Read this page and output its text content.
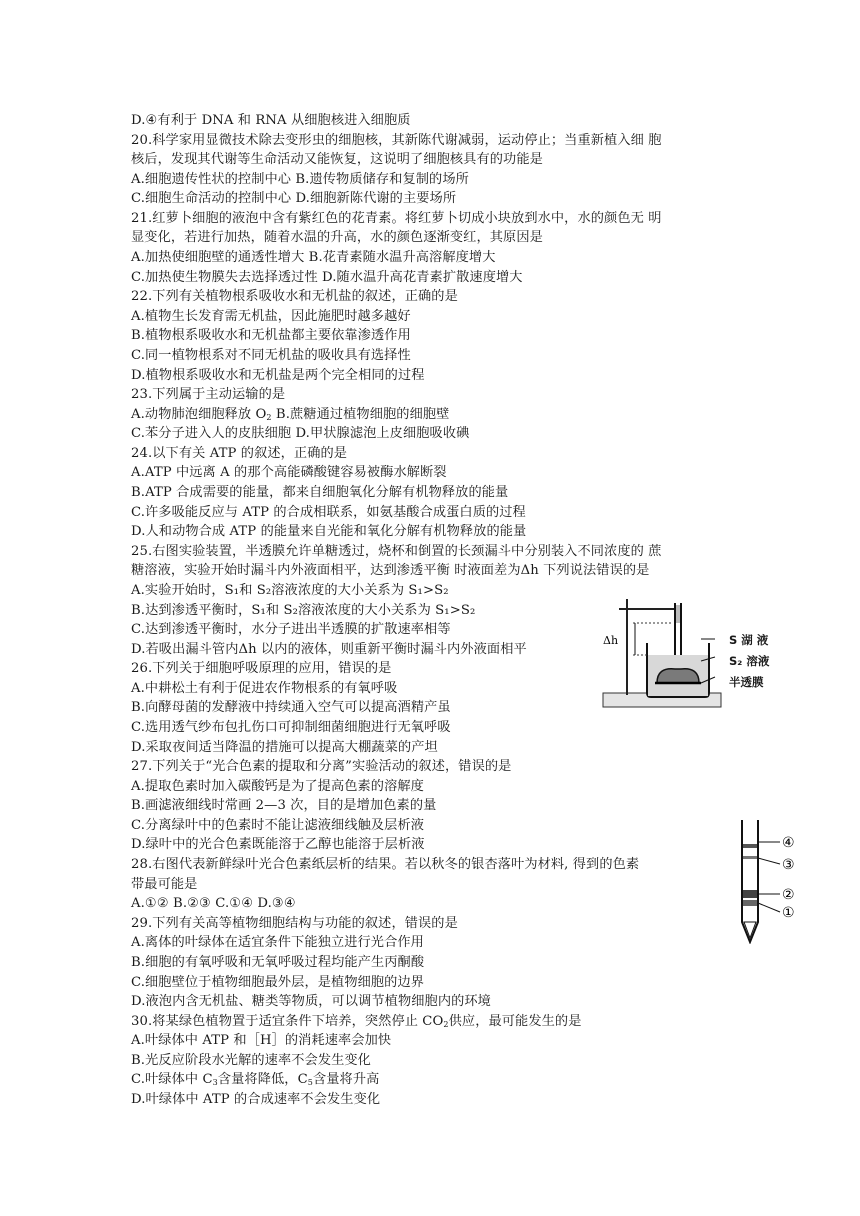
D.④有利于 DNA 和 RNA 从细胞核进入细胞质
20.科学家用显微技术除去变形虫的细胞核，其新陈代谢减弱，运动停止；当重新植入细 胞
核后，发现其代谢等生命活动又能恢复，这说明了细胞核具有的功能是
A.细胞遗传性状的控制中心 B.遗传物质储存和复制的场所
C.细胞生命活动的控制中心 D.细胞新陈代谢的主要场所
21.红萝卜细胞的液泡中含有紫红色的花青素。将红萝卜切成小块放到水中，水的颜色无 明
显变化，若进行加热，随着水温的升高，水的颜色逐渐变红，其原因是
A.加热使细胞壁的通透性增大 B.花青素随水温升高溶解度增大
C.加热使生物膜失去选择透过性 D.随水温升高花青素扩散速度增大
22.下列有关植物根系吸收水和无机盐的叙述，正确的是
A.植物生长发育需无机盐，因此施肥时越多越好
B.植物根系吸收水和无机盐都主要依靠渗透作用
C.同一植物根系对不同无机盐的吸收具有选择性
D.植物根系吸收水和无机盐是两个完全相同的过程
23.下列属于主动运输的是
A.动物肺泡细胞释放 $O_2$ B.蔗糖通过植物细胞的细胞壁
C.苯分子进入人的皮肤细胞 D.甲状腺滤泡上皮细胞吸收碘
24.以下有关 ATP 的叙述，正确的是
A.ATP 中远离 A 的那个高能磷酸键容易被酶水解断裂
B.ATP 合成需要的能量，都来自细胞氧化分解有机物释放的能量
C.许多吸能反应与 ATP 的合成相联系，如氨基酸合成蛋白质的过程
D.人和动物合成 ATP 的能量来自光能和氧化分解有机物释放的能量
25.右图实验装置，半透膜允许单糖透过，烧杯和倒置的长颈漏斗中分别装入不同浓度的 蔗
糖溶液，实验开始时漏斗内外液面相平，达到渗透平衡 时液面差为Δh 下列说法错误的是
A.实验开始时，S₁和 S₂溶液浓度的大小关系为 S₁>S₂
B.达到渗透平衡时，S₁和 S₂溶液浓度的大小关系为 S₁>S₂
C.达到渗透平衡时，水分子进出半透膜的扩散速率相等
D.若吸出漏斗管内Δh 以内的液体，则重新平衡时漏斗内外液面相平
26.下列关于细胞呼吸原理的应用，错误的是
A.中耕松土有利于促进农作物根系的有氧呼吸
B.向酵母菌的发酵液中持续通入空气可以提高酒精产虽
C.选用透气纱布包扎伤口可抑制细菌细胞进行无氧呼吸
D.采取夜间适当降温的措施可以提高大棚蔬菜的产坦
27.下列关于“光合色素的提取和分离”实验活动的叙述，错误的是
A.提取色素时加入碳酸钙是为了提高色素的溶解度
B.画滤液细线时常画 2—3 次，目的是增加色素的量
C.分离绿叶中的色素时不能让滤液细线触及层析液
D.绿叶中的光合色素既能溶于乙醇也能溶于层析液
28.右图代表新鲜绿叶光合色素纸层析的结果。若以秋冬的银杏落叶为材料, 得到的色素
带最可能是
A.①② B.②③ C.①④ D.③④
29.下列有关高等植物细胞结构与功能的叙述，错误的是
A.离体的叶绿体在适宜条件下能独立进行光合作用
B.细胞的有氧呼吸和无氧呼吸过程均能产生丙酮酸
C.细胞壁位于植物细胞最外层，是植物细胞的边界
D.液泡内含无机盐、糖类等物质，可以调节植物细胞内的环境
30.将某绿色植物置于适宜条件下培养，突然停止 $CO_2$供应，最可能发生的是
A.叶绿体中 ATP 和［H］的消耗速率会加快
B.光反应阶段水光解的速率不会发生变化
C.叶绿体中 $C_3$含量将降低，$C_5$含量将升高
D.叶绿体中 ATP 的合成速率不会发生变化
Δh	S 湖 液
S₂ 溶液
半透膜
④
③
②
①
